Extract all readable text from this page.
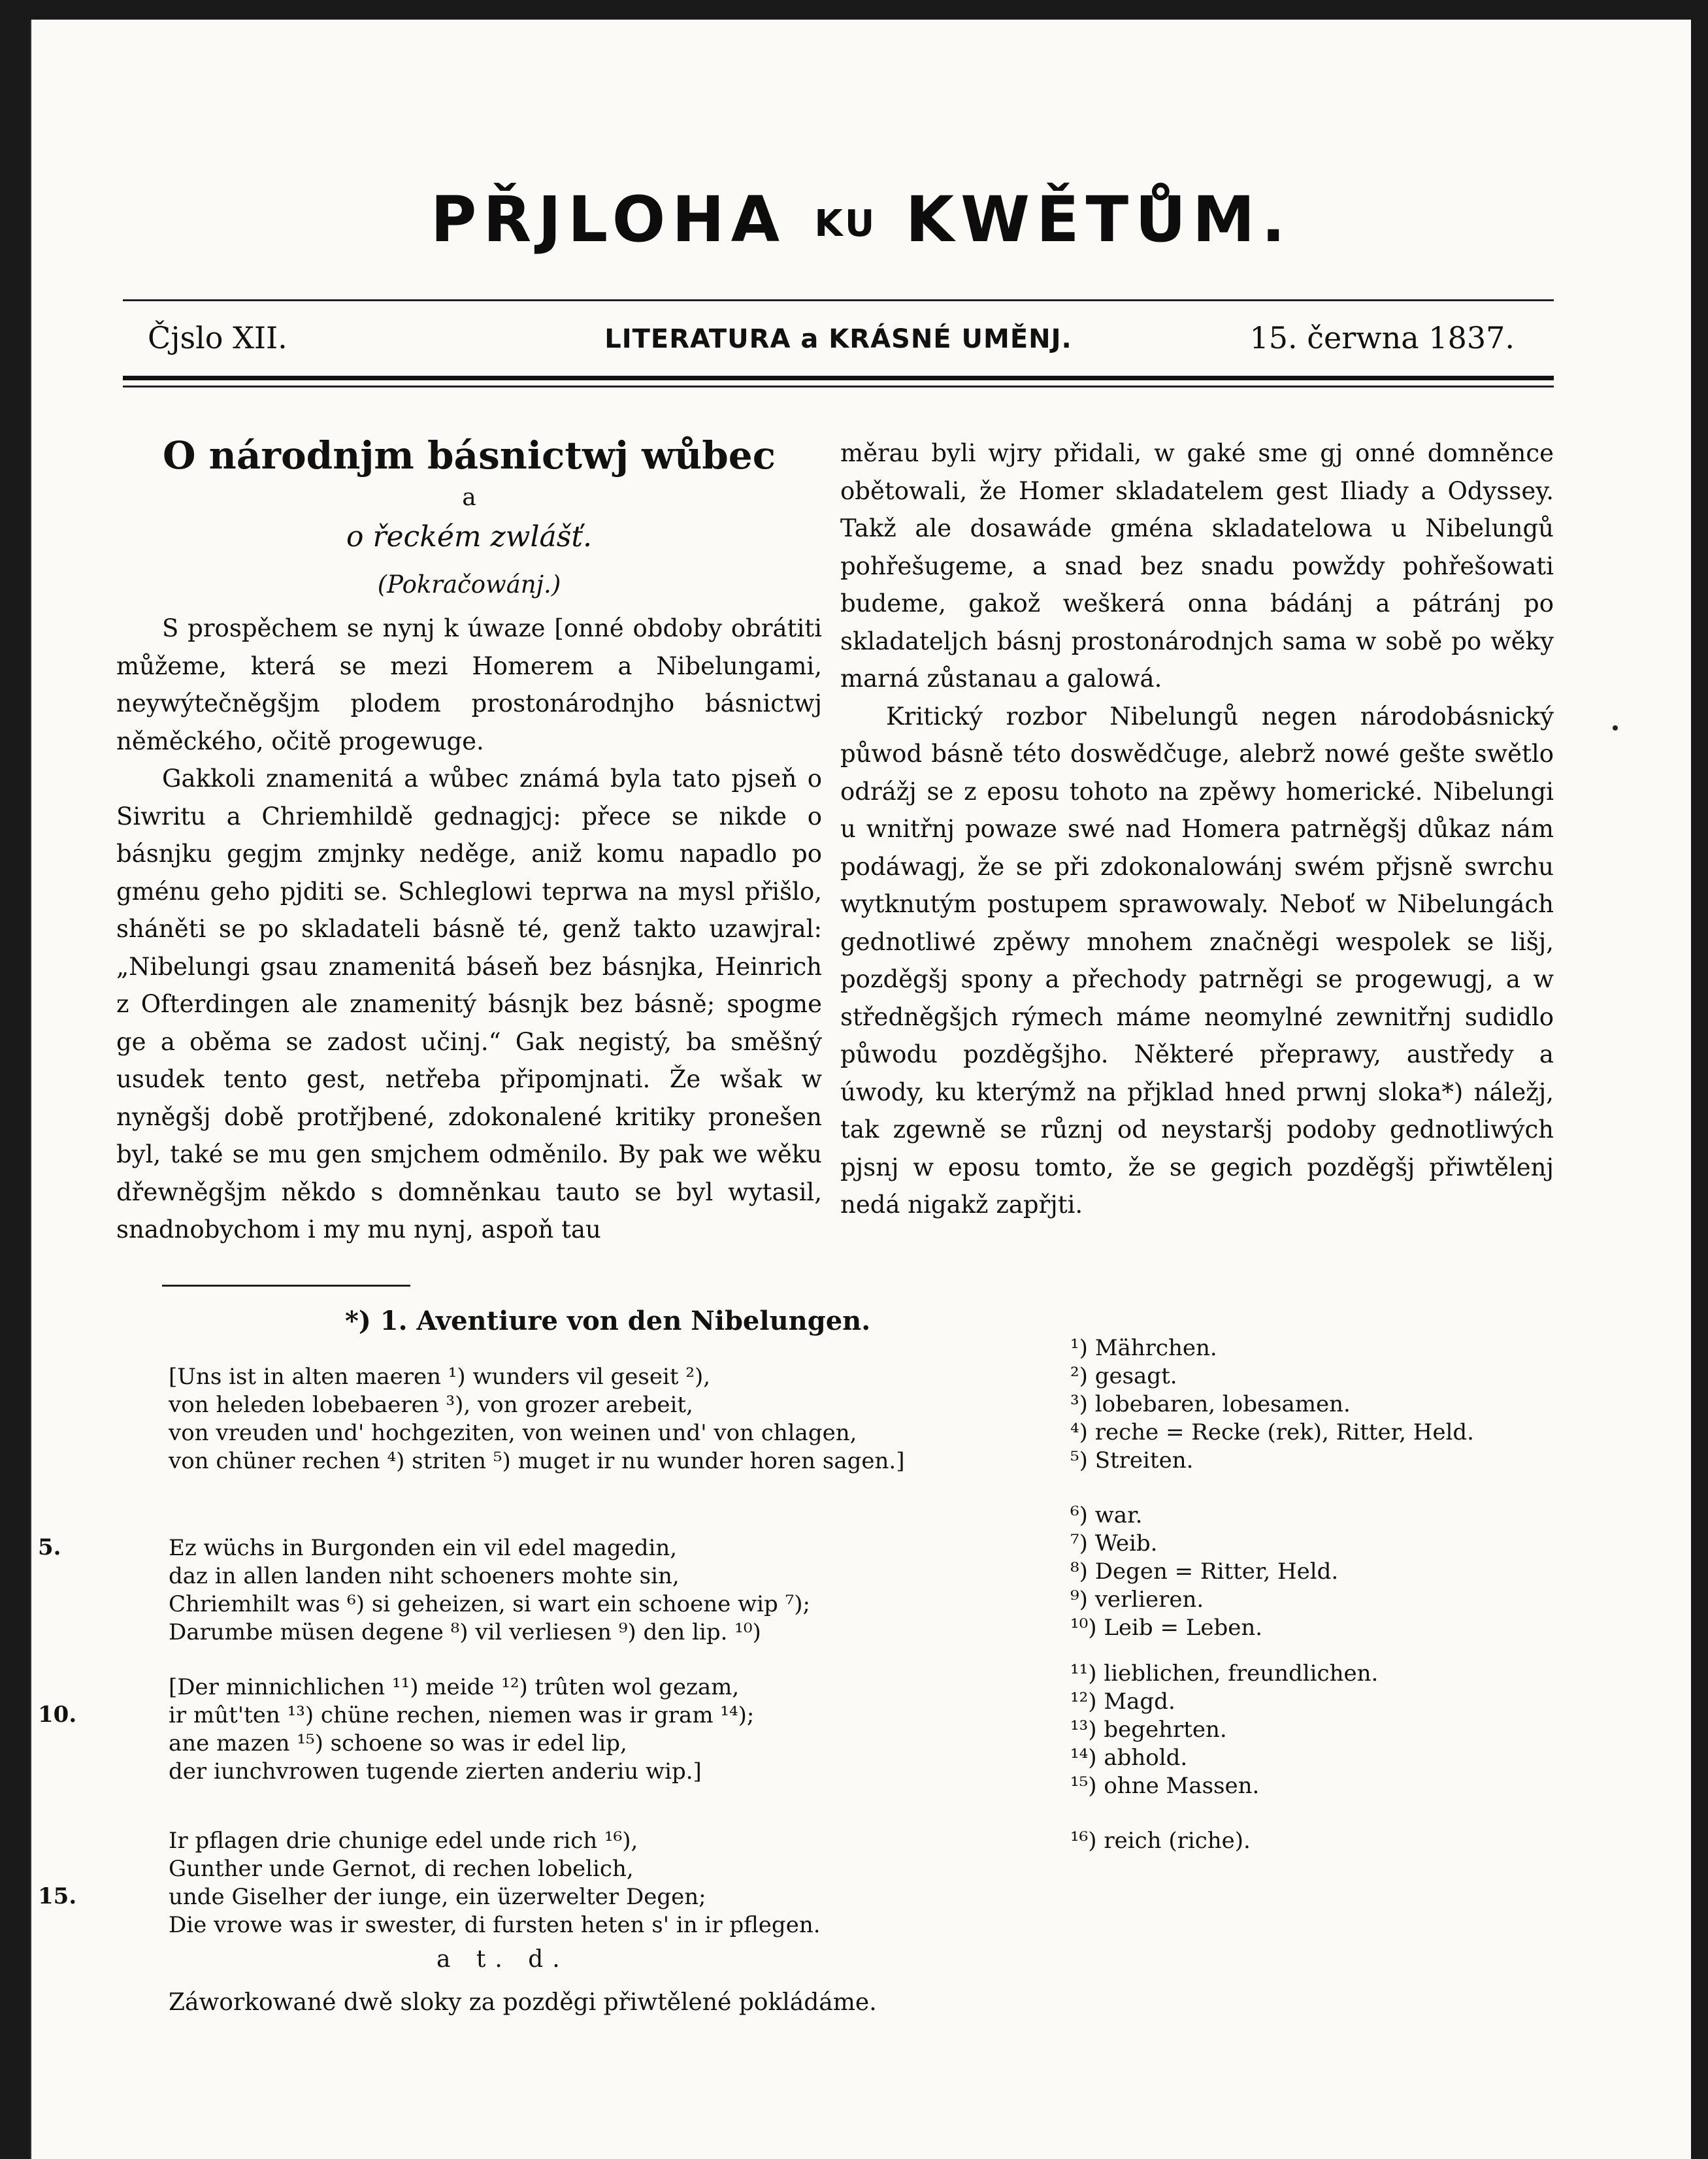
PŘJLOHA KU KWĚTŮM.
Čjslo XII.	LITERATURA a KRÁSNÉ UMĚNJ.	15. čerwna 1837.
O národnjm básnictwj wůbec
a
o řeckém zwlášť.
(Pokračowánj.)

S prospěchem se nynj k úwaze [onné obdoby obrátiti můžeme, která se mezi Homerem a Nibelungami, neywýtečněgšjm plodem prostonárodnjho básnictwj něměckého, očitě progewuge.

Gakkoli znamenitá a wůbec známá byla tato pjseň o Siwritu a Chriemhildě gednagjcj: přece se nikde o básnjku gegjm zmjnky neděge, aniž komu napadlo po gménu geho pjditi se. Schleglowi teprwa na mysl přišlo, sháněti se po skladateli básně té, genž takto uzawjral: „Nibelungi gsau znamenitá báseň bez básnjka, Heinrich z Ofterdingen ale znamenitý básnjk bez básně; spogme ge a oběma se zadost učinj.“ Gak negistý, ba směšný usudek tento gest, netřeba připomjnati. Že wšak w nyněgšj době protřjbené, zdokonalené kritiky pronešen byl, také se mu gen smjchem odměnilo. By pak we wěku dřewněgšjm někdo s domněnkau tauto se byl wytasil, snadnobychom i my mu nynj, aspoň tau

měrau byli wjry přidali, w gaké sme gj onné domněnce obětowali, že Homer skladatelem gest Iliady a Odyssey. Takž ale dosawáde gména skladatelowa u Nibelungů pohřešugeme, a snad bez snadu powždy pohřešowati budeme, gakož weškerá onna bádánj a pátránj po skladateljch básnj prostonárodnjch sama w sobě po wěky marná zůstanau a galowá.

Kritický rozbor Nibelungů negen národobásnický půwod básně této doswědčuge, alebrž nowé gešte swětlo odrážj se z eposu tohoto na zpěwy homerické. Nibelungi u wnitřnj powaze swé nad Homera patrněgšj důkaz nám podáwagj, že se při zdokonalowánj swém přjsně swrchu wytknutým postupem sprawowaly. Neboť w Nibelungách gednotliwé zpěwy mnohem značněgi wespolek se lišj, pozděgšj spony a přechody patrněgi se progewugj, a w středněgšjch rýmech máme neomylné zewnitřnj sudidlo půwodu pozděgšjho. Některé přeprawy, austředy a úwody, ku kterýmž na přjklad hned prwnj sloka*) náležj, tak zgewně se různj od neystaršj podoby gednotliwých pjsnj w eposu tomto, že se gegich pozděgšj přiwtělenj nedá nigakž zapřjti.

*) 1. Aventiure von den Nibelungen.
[Uns ist in alten maeren ¹) wunders vil geseit ²),
von heleden lobebaeren ³), von grozer arebeit,
von vreuden und' hochgeziten, von weinen und' von chlagen,
von chüner rechen ⁴) striten ⁵) muget ir nu wunder horen sagen.]
5.	Ez wüchs in Burgonden ein vil edel magedin,
daz in allen landen niht schoeners mohte sin,
Chriemhilt was ⁶) si geheizen, si wart ein schoene wip ⁷);
Darumbe müsen degene ⁸) vil verliesen ⁹) den lip. ¹⁰)
10.
[Der minnichlichen ¹¹) meide ¹²) trûten wol gezam,
ir mût'ten ¹³) chüne rechen, niemen was ir gram ¹⁴);
ane mazen ¹⁵) schoene so was ir edel lip,
der iunchvrowen tugende zierten anderiu wip.]
15.
Ir pflagen drie chunige edel unde rich ¹⁶),
Gunther unde Gernot, di rechen lobelich,
unde Giselher der iunge, ein üzerwelter Degen;
Die vrowe was ir swester, di fursten heten s' in ir pflegen.
a t. d.
Záworkowané dwě sloky za pozděgi přiwtělené pokládáme.
¹) Mährchen.
²) gesagt.
³) lobebaren, lobesamen.
⁴) reche = Recke (rek), Ritter, Held.
⁵) Streiten.
⁶) war.
⁷) Weib.
⁸) Degen = Ritter, Held.
⁹) verlieren.
¹⁰) Leib = Leben.
¹¹) lieblichen, freundlichen.
¹²) Magd.
¹³) begehrten.
¹⁴) abhold.
¹⁵) ohne Massen.
¹⁶) reich (riche).
